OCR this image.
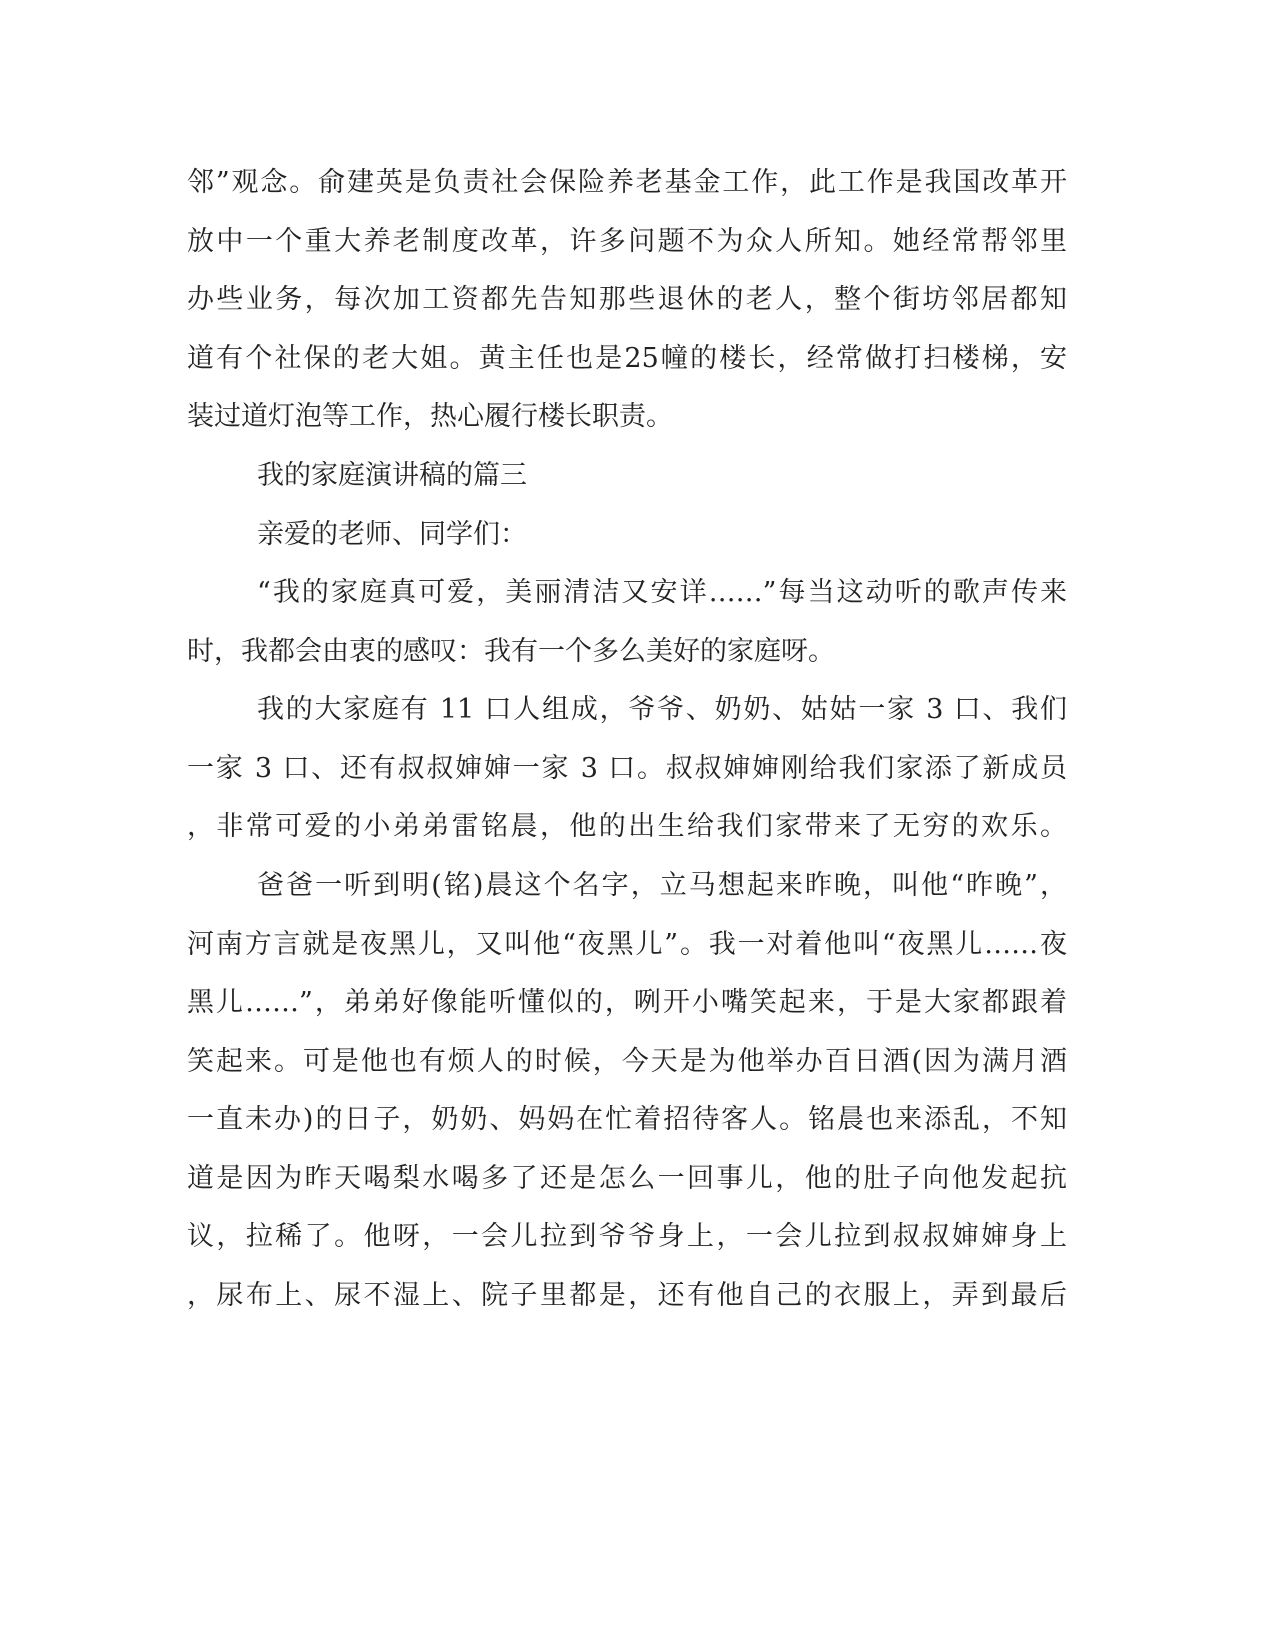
邻”观念。俞建英是负责社会保险养老基金工作，此工作是我国改革开
放中一个重大养老制度改革，许多问题不为众人所知。她经常帮邻里
办些业务，每次加工资都先告知那些退休的老人，整个街坊邻居都知
道有个社保的老大姐。黄主任也是25幢的楼长，经常做打扫楼梯，安
装过道灯泡等工作，热心履行楼长职责。
我的家庭演讲稿的篇三
亲爱的老师、同学们：
“我的家庭真可爱，美丽清洁又安详……”每当这动听的歌声传来
时，我都会由衷的感叹：我有一个多么美好的家庭呀。
我的大家庭有 11 口人组成，爷爷、奶奶、姑姑一家 3 口、我们
一家 3 口、还有叔叔婶婶一家 3 口。叔叔婶婶刚给我们家添了新成员
，非常可爱的小弟弟雷铭晨，他的出生给我们家带来了无穷的欢乐。
爸爸一听到明(铭)晨这个名字，立马想起来昨晚，叫他“昨晚”，
河南方言就是夜黑儿，又叫他“夜黑儿”。我一对着他叫“夜黑儿……夜
黑儿……”，弟弟好像能听懂似的，咧开小嘴笑起来，于是大家都跟着
笑起来。可是他也有烦人的时候，今天是为他举办百日酒(因为满月酒
一直未办)的日子，奶奶、妈妈在忙着招待客人。铭晨也来添乱，不知
道是因为昨天喝梨水喝多了还是怎么一回事儿，他的肚子向他发起抗
议，拉稀了。他呀，一会儿拉到爷爷身上，一会儿拉到叔叔婶婶身上
，尿布上、尿不湿上、院子里都是，还有他自己的衣服上，弄到最后
